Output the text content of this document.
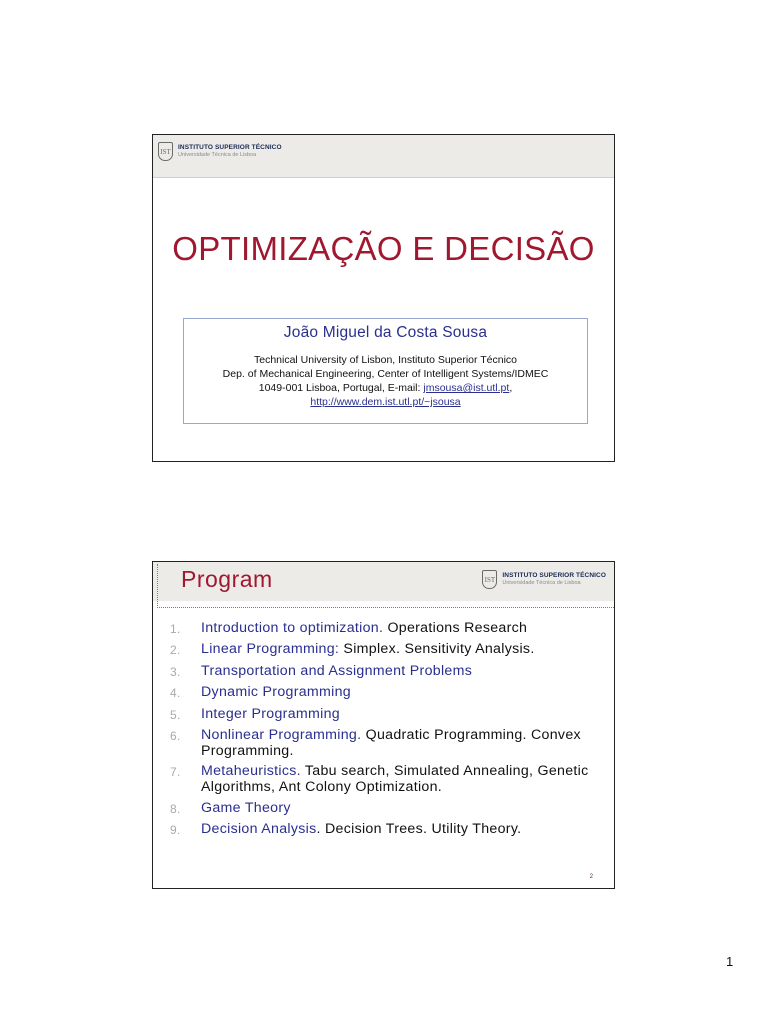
IST	INSTITUTO SUPERIOR TÉCNICO
Universidade Técnica de Lisboa
OPTIMIZAÇÃO E DECISÃO
João Miguel da Costa Sousa
Technical University of Lisbon, Instituto Superior Técnico
Dep. of Mechanical Engineering, Center of Intelligent Systems/IDMEC
1049-001 Lisboa, Portugal, E-mail: jmsousa@ist.utl.pt,
http://www.dem.ist.utl.pt/~jsousa
Program	IST	INSTITUTO SUPERIOR TÉCNICO
Universidade Técnica de Lisboa
1.	Introduction to optimization. Operations Research
2.	Linear Programming: Simplex. Sensitivity Analysis.
3.	Transportation and Assignment Problems
4.	Dynamic Programming
5.	Integer Programming
6.	Nonlinear Programming. Quadratic Programming. Convex Programming.
7.	Metaheuristics. Tabu search, Simulated Annealing, Genetic Algorithms, Ant Colony Optimization.
8.	Game Theory
9.	Decision Analysis. Decision Trees. Utility Theory.
2
1
